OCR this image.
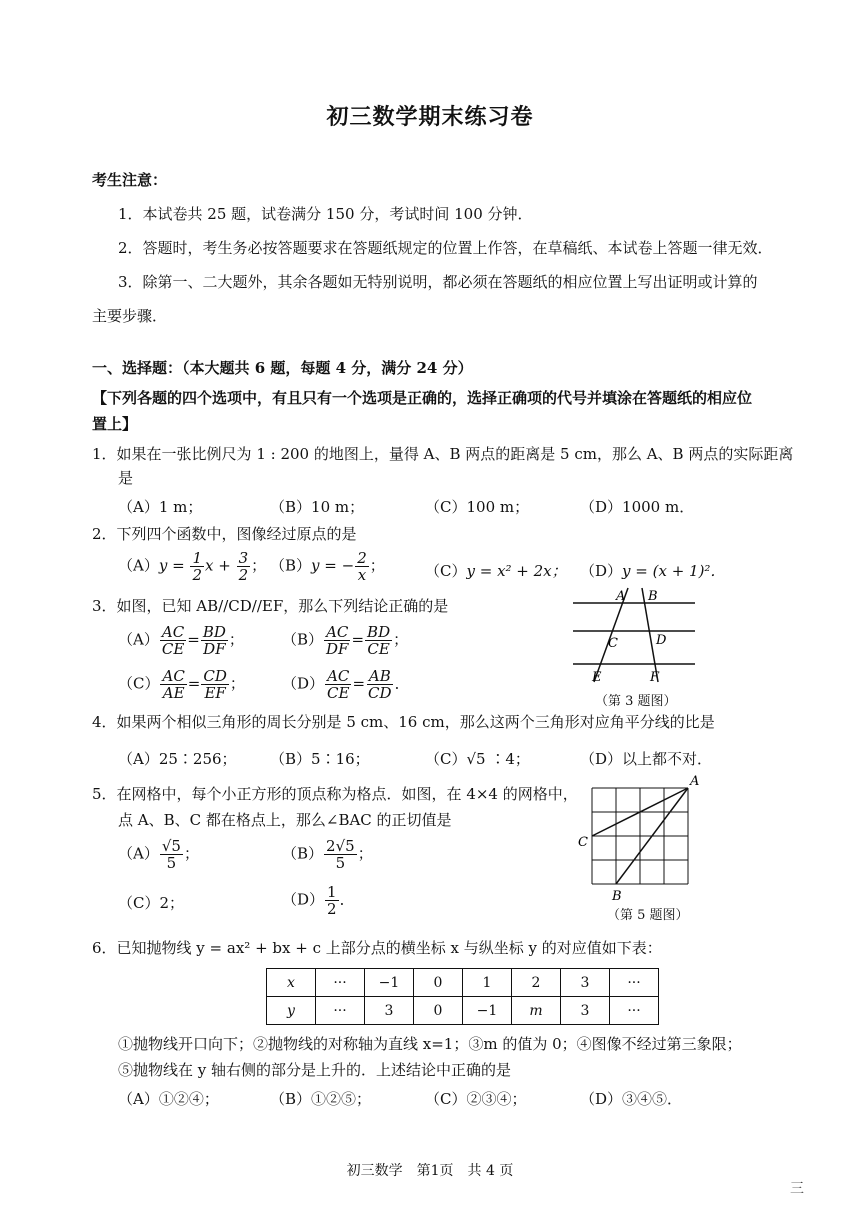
初三数学期末练习卷
考生注意：
1．本试卷共 25 题，试卷满分 150 分，考试时间 100 分钟．
2．答题时，考生务必按答题要求在答题纸规定的位置上作答，在草稿纸、本试卷上答题一律无效．
3．除第一、二大题外，其余各题如无特别说明，都必须在答题纸的相应位置上写出证明或计算的
主要步骤．
一、选择题：（本大题共 6 题，每题 4 分，满分 24 分）
【下列各题的四个选项中，有且只有一个选项是正确的，选择正确项的代号并填涂在答题纸的相应位
置上】
1．如果在一张比例尺为 1 : 200 的地图上，量得 A、B 两点的距离是 5 cm，那么 A、B 两点的实际距离
是
（A）1 m；	（B）10 m；	（C）100 m；	（D）1000 m．
2．下列四个函数中，图像经过原点的是
$(A)y = \frac{1}{2}$ $x + \frac{3}{2}$ ； （B）y = − $\frac{2}{x}$ ；	（C）y = x² + 2x； （D）y = (x + 1)²．
3．如图，已知 AB//CD//EF，那么下列结论正确的是
$(A) \frac{AC}{CE} = \frac{BD}{DF}$ ；	$(B) \frac{AC}{DF} = \frac{BD}{CE}$ ；
$(C) \frac{AC}{AE} = \frac{CD}{EF}$ ； $(D) \frac{AC}{CE} = \frac{AB}{CD}$ ．
A B
C	D
E	F
（第 3 题图）
4．如果两个相似三角形的周长分别是 5 cm、16 cm，那么这两个三角形对应角平分线的比是
（A）25∶256； （B）5∶16；	（C）√5 ∶4；	（D）以上都不对．
5．在网格中，每个小正方形的顶点称为格点．如图，在 4×4 的网格中，
点 A、B、C 都在格点上，那么∠BAC 的正切值是
$(A) \frac{√5}{5}$ ；	$(B) \frac{2√5}{5}$ ；
（C）2；	$(D) \frac{1}{2}$ ．
A
C
B
（第 5 题图）
6．已知抛物线 y = ax² + bx + c 上部分点的横坐标 x 与纵坐标 y 的对应值如下表：
x	···	−1	0	1	2	3	···
y	···	3	0	−1	m	3	···
①抛物线开口向下；②抛物线的对称轴为直线 x=1；③m 的值为 0；④图像不经过第三象限；
⑤抛物线在 y 轴右侧的部分是上升的．上述结论中正确的是
（A）①②④；	（B）①②⑤；	（C）②③④；	（D）③④⑤．
初三数学　第1页　共 4 页
三
